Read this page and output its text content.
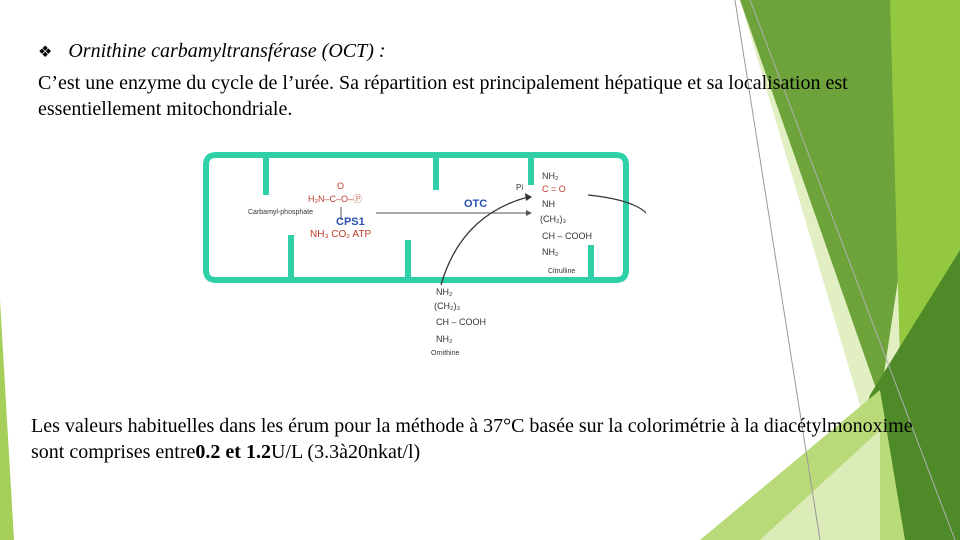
❖ Ornithine carbamyltransférase (OCT) :
C’est une enzyme du cycle de l’urée. Sa répartition est principalement hépatique et sa localisation est essentiellement mitochondriale.
O
H₂N–C–O–Ⓟ
Carbamyl-phosphate
CPS1
NH₃ CO₂ ATP
OTC
Pi
NH₂
C = O
NH
(CH₂)₃
CH – COOH
NH₂
Citrulline
NH₂
(CH₂)₃
CH – COOH
NH₂
Ornithine
Les valeurs habituelles dans les érum pour la méthode à 37°C basée sur la colorimétrie à la diacétylmonoxime sont comprises entre0.2 et 1.2U/L (3.3à20nkat/l)
